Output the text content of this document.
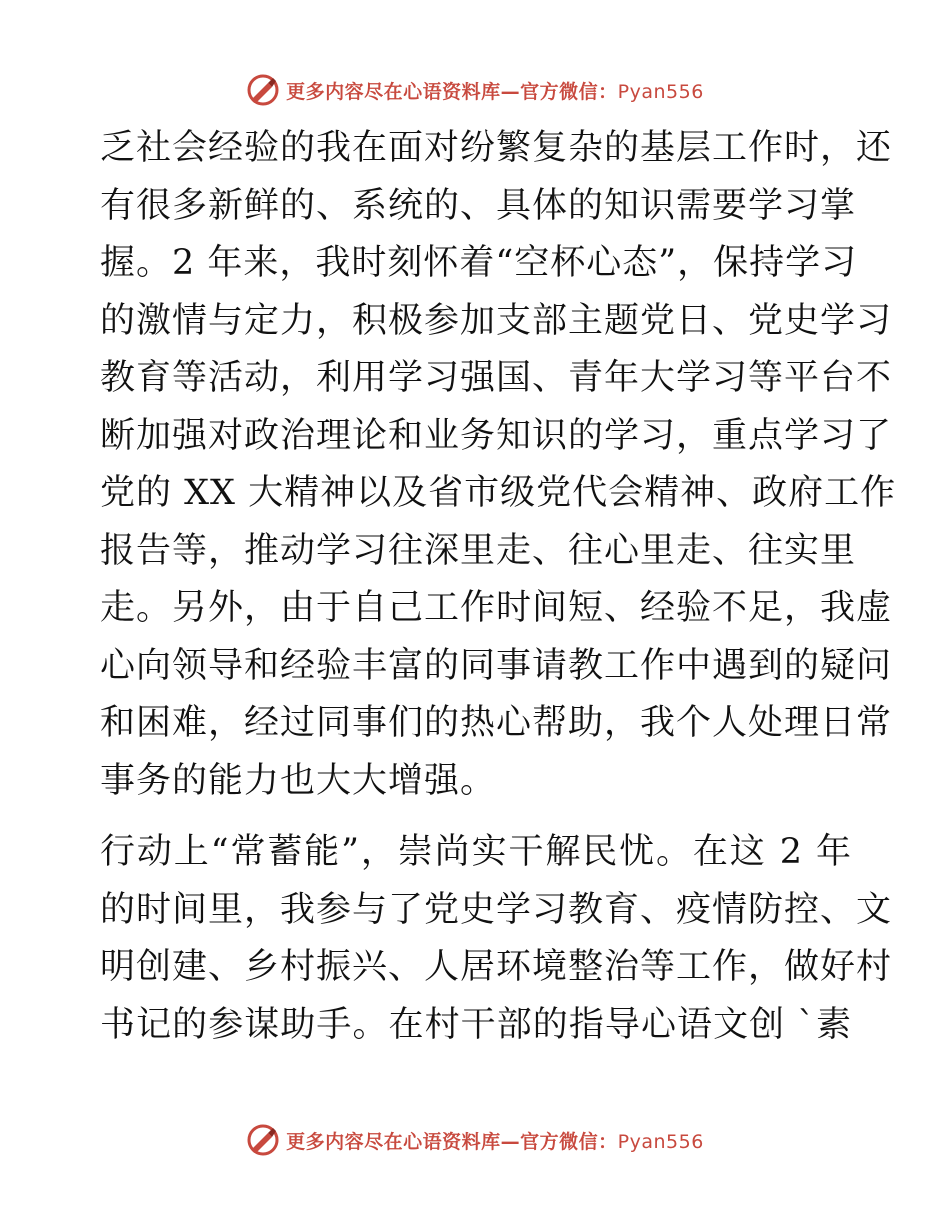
更多内容尽在心语资料库—官方微信：Pyan556
乏社会经验的我在面对纷繁复杂的基层工作时，还
有很多新鲜的、系统的、具体的知识需要学习掌
握。2 年来，我时刻怀着“空杯心态”，保持学习
的激情与定力，积极参加支部主题党日、党史学习
教育等活动，利用学习强国、青年大学习等平台不
断加强对政治理论和业务知识的学习，重点学习了
党的 XX 大精神以及省市级党代会精神、政府工作
报告等，推动学习往深里走、往心里走、往实里
走。另外，由于自己工作时间短、经验不足，我虚
心向领导和经验丰富的同事请教工作中遇到的疑问
和困难，经过同事们的热心帮助，我个人处理日常
事务的能力也大大增强。
行动上“常蓄能”，崇尚实干解民忧。在这 2 年
的时间里，我参与了党史学习教育、疫情防控、文
明创建、乡村振兴、人居环境整治等工作，做好村
书记的参谋助手。在村干部的指导心语文创 `素
更多内容尽在心语资料库—官方微信：Pyan556
